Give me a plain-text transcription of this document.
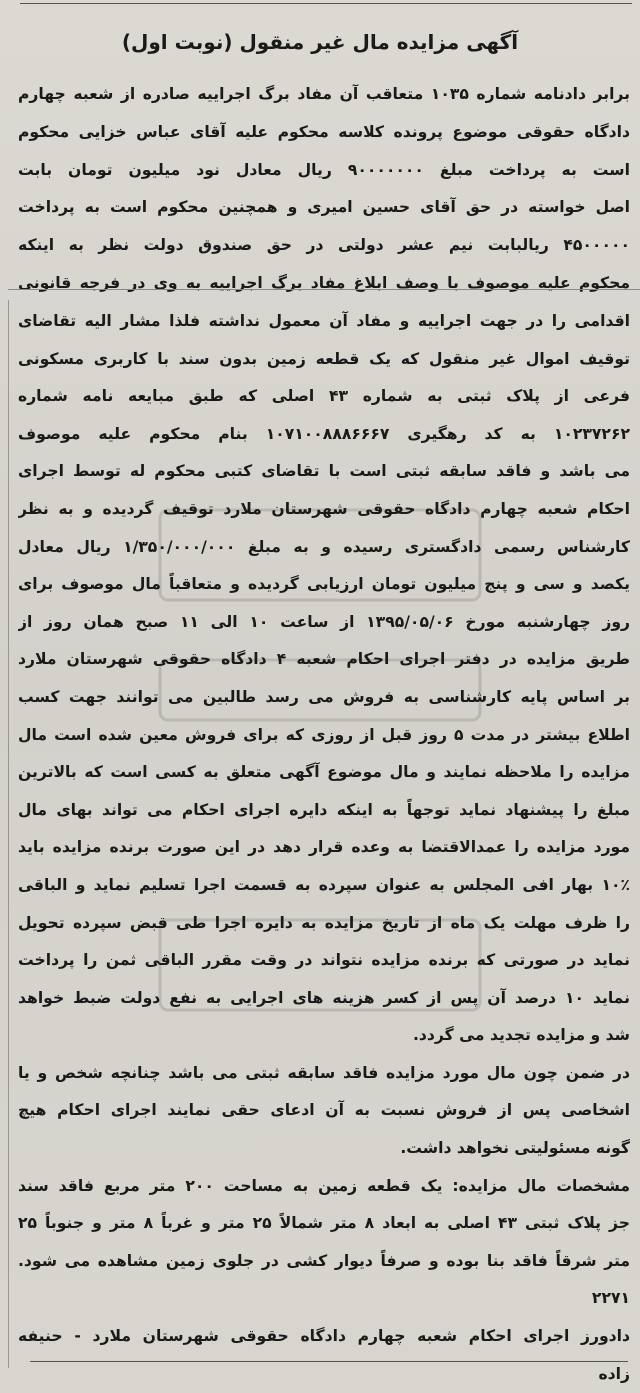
آگهی مزایده مال غیر منقول (نوبت اول)
برابر دادنامه شماره ۱۰۳۵ متعاقب آن مفاد برگ اجراییه صادره از شعبه چهارم
دادگاه حقوقی موضوع پرونده کلاسه محکوم علیه آقای عباس خزایی محکوم
است به پرداخت مبلغ ۹۰۰۰۰۰۰۰ ریال معادل نود میلیون تومان بابت
اصل خواسته در حق آقای حسین امیری و همچنین محکوم است به پرداخت
۴۵۰۰۰۰۰ ریالبابت نیم عشر دولتی در حق صندوق دولت نظر به اینکه
محکوم علیه موصوف با وصف ابلاغ مفاد برگ اجراییه به وی در فرجه قانونی
اقدامی را در جهت اجراییه و مفاد آن معمول نداشته فلذا مشار الیه تقاضای
توقیف اموال غیر منقول که یک قطعه زمین بدون سند با کاربری مسکونی
فرعی از پلاک ثبتی به شماره ۴۳ اصلی که طبق مبایعه نامه شماره
۱۰۲۳۷۲۶۲ به کد رهگیری ۱۰۷۱۰۰۸۸۸۶۶۶۷ بنام محکوم علیه موصوف
می باشد و فاقد سابقه ثبتی است با تقاضای کتبی محکوم له توسط اجرای
احکام شعبه چهارم دادگاه حقوقی شهرستان ملارد توقیف گردیده و به نظر
کارشناس رسمی دادگستری رسیده و به مبلغ ۱/۳۵۰/۰۰۰/۰۰۰ ریال معادل
یکصد و سی و پنج میلیون تومان ارزیابی گردیده و متعاقباً مال موصوف برای
روز چهارشنبه مورخ ۱۳۹۵/۰۵/۰۶ از ساعت ۱۰ الی ۱۱ صبح همان روز از
طریق مزایده در دفتر اجرای احکام شعبه ۴ دادگاه حقوقی شهرستان ملارد
بر اساس پایه کارشناسی به فروش می رسد طالبین می توانند جهت کسب
اطلاع بیشتر در مدت ۵ روز قبل از روزی که برای فروش معین شده است مال
مزایده را ملاحظه نمایند و مال موضوع آگهی متعلق به کسی است که بالاترین
مبلغ را پیشنهاد نماید توجهاً به اینکه دایره اجرای احکام می تواند بهای مال
مورد مزایده را عمدالاقتضا به وعده قرار دهد در این صورت برنده مزایده باید
۱۰٪ بهار افی المجلس به عنوان سپرده به قسمت اجرا تسلیم نماید و الباقی
را ظرف مهلت یک ماه از تاریخ مزایده به دایره اجرا طی قبض سپرده تحویل
نماید در صورتی که برنده مزایده نتواند در وقت مقرر الباقی ثمن را پرداخت
نماید ۱۰ درصد آن پس از کسر هزینه های اجرایی به نفع دولت ضبط خواهد
شد و مزایده تجدید می گردد.
در ضمن چون مال مورد مزایده فاقد سابقه ثبتی می باشد چنانچه شخص و یا
اشخاصی پس از فروش نسبت به آن ادعای حقی نمایند اجرای احکام هیچ
گونه مسئولیتی نخواهد داشت.
مشخصات مال مزایده: یک قطعه زمین به مساحت ۲۰۰ متر مربع فاقد سند
جز پلاک ثبتی ۴۳ اصلی به ابعاد ۸ متر شمالاً ۲۵ متر و غرباً ۸ متر و جنوباً ۲۵
متر شرقاً فاقد بنا بوده و صرفاً دیوار کشی در جلوی زمین مشاهده می شود.
۲۲۷۱
دادورز اجرای احکام شعبه چهارم دادگاه حقوقی شهرستان ملارد - حنیفه
زاده
